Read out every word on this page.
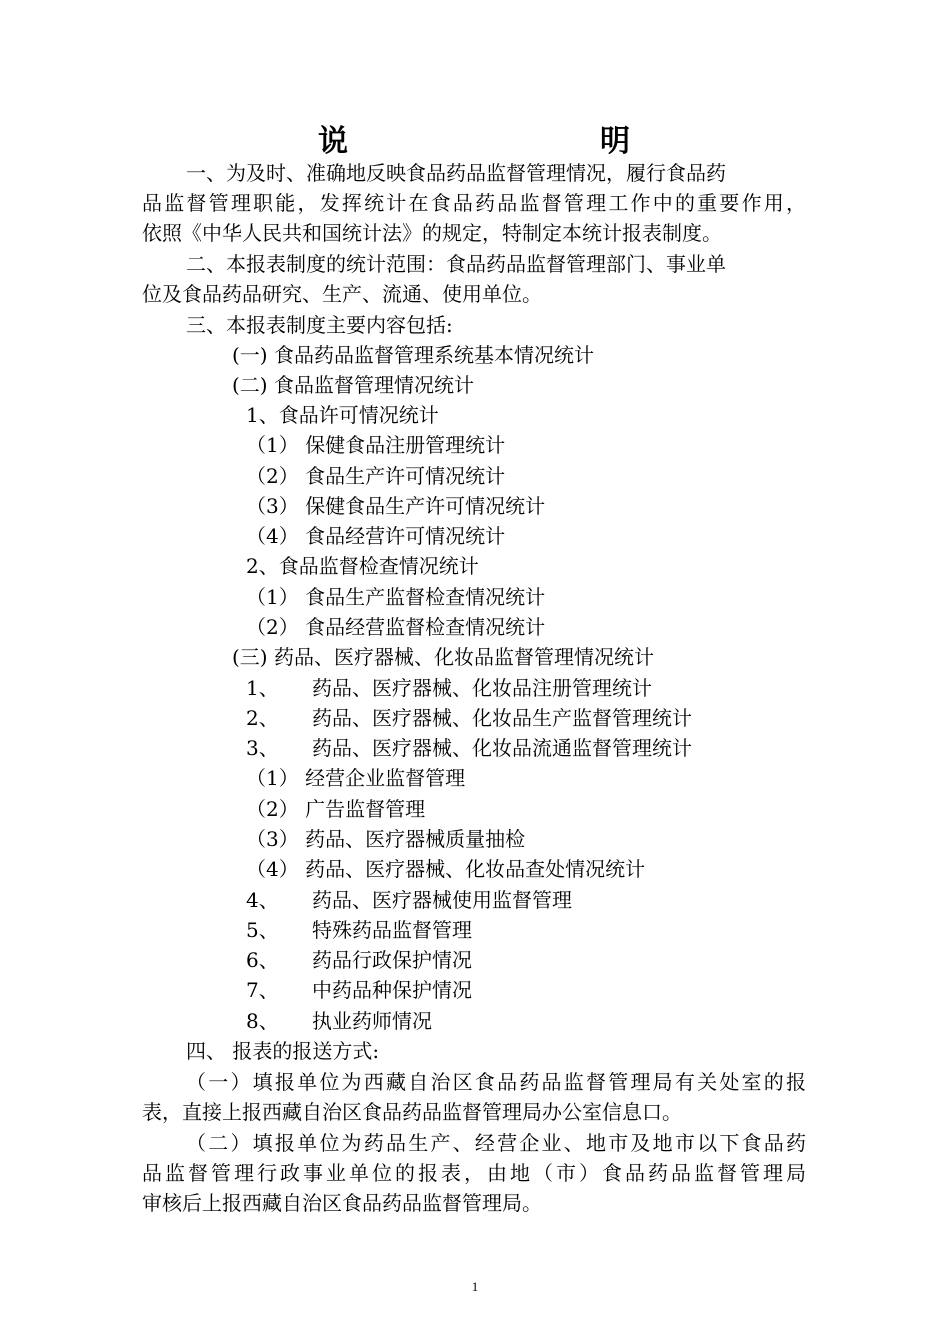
说	明
一、为及时、准确地反映食品药品监督管理情况，履行食品药
品监督管理职能，发挥统计在食品药品监督管理工作中的重要作用，
依照《中华人民共和国统计法》的规定，特制定本统计报表制度。
二、本报表制度的统计范围：食品药品监督管理部门、事业单
位及食品药品研究、生产、流通、使用单位。
三、本报表制度主要内容包括:
(一) 食品药品监督管理系统基本情况统计
(二) 食品监督管理情况统计
1、食品许可情况统计
（1） 保健食品注册管理统计
（2） 食品生产许可情况统计
（3） 保健食品生产许可情况统计
（4） 食品经营许可情况统计
2、食品监督检查情况统计
（1） 食品生产监督检查情况统计
（2） 食品经营监督检查情况统计
(三) 药品、医疗器械、化妆品监督管理情况统计
1、 药品、医疗器械、化妆品注册管理统计
2、 药品、医疗器械、化妆品生产监督管理统计
3、 药品、医疗器械、化妆品流通监督管理统计
（1） 经营企业监督管理
（2） 广告监督管理
（3） 药品、医疗器械质量抽检
（4） 药品、医疗器械、化妆品查处情况统计
4、 药品、医疗器械使用监督管理
5、 特殊药品监督管理
6、 药品行政保护情况
7、 中药品种保护情况
8、 执业药师情况
四、 报表的报送方式:
（一）填报单位为西藏自治区食品药品监督管理局有关处室的报
表，直接上报西藏自治区食品药品监督管理局办公室信息口。
（二）填报单位为药品生产、经营企业、地市及地市以下食品药
品监督管理行政事业单位的报表，由地（市）食品药品监督管理局
审核后上报西藏自治区食品药品监督管理局。
1
